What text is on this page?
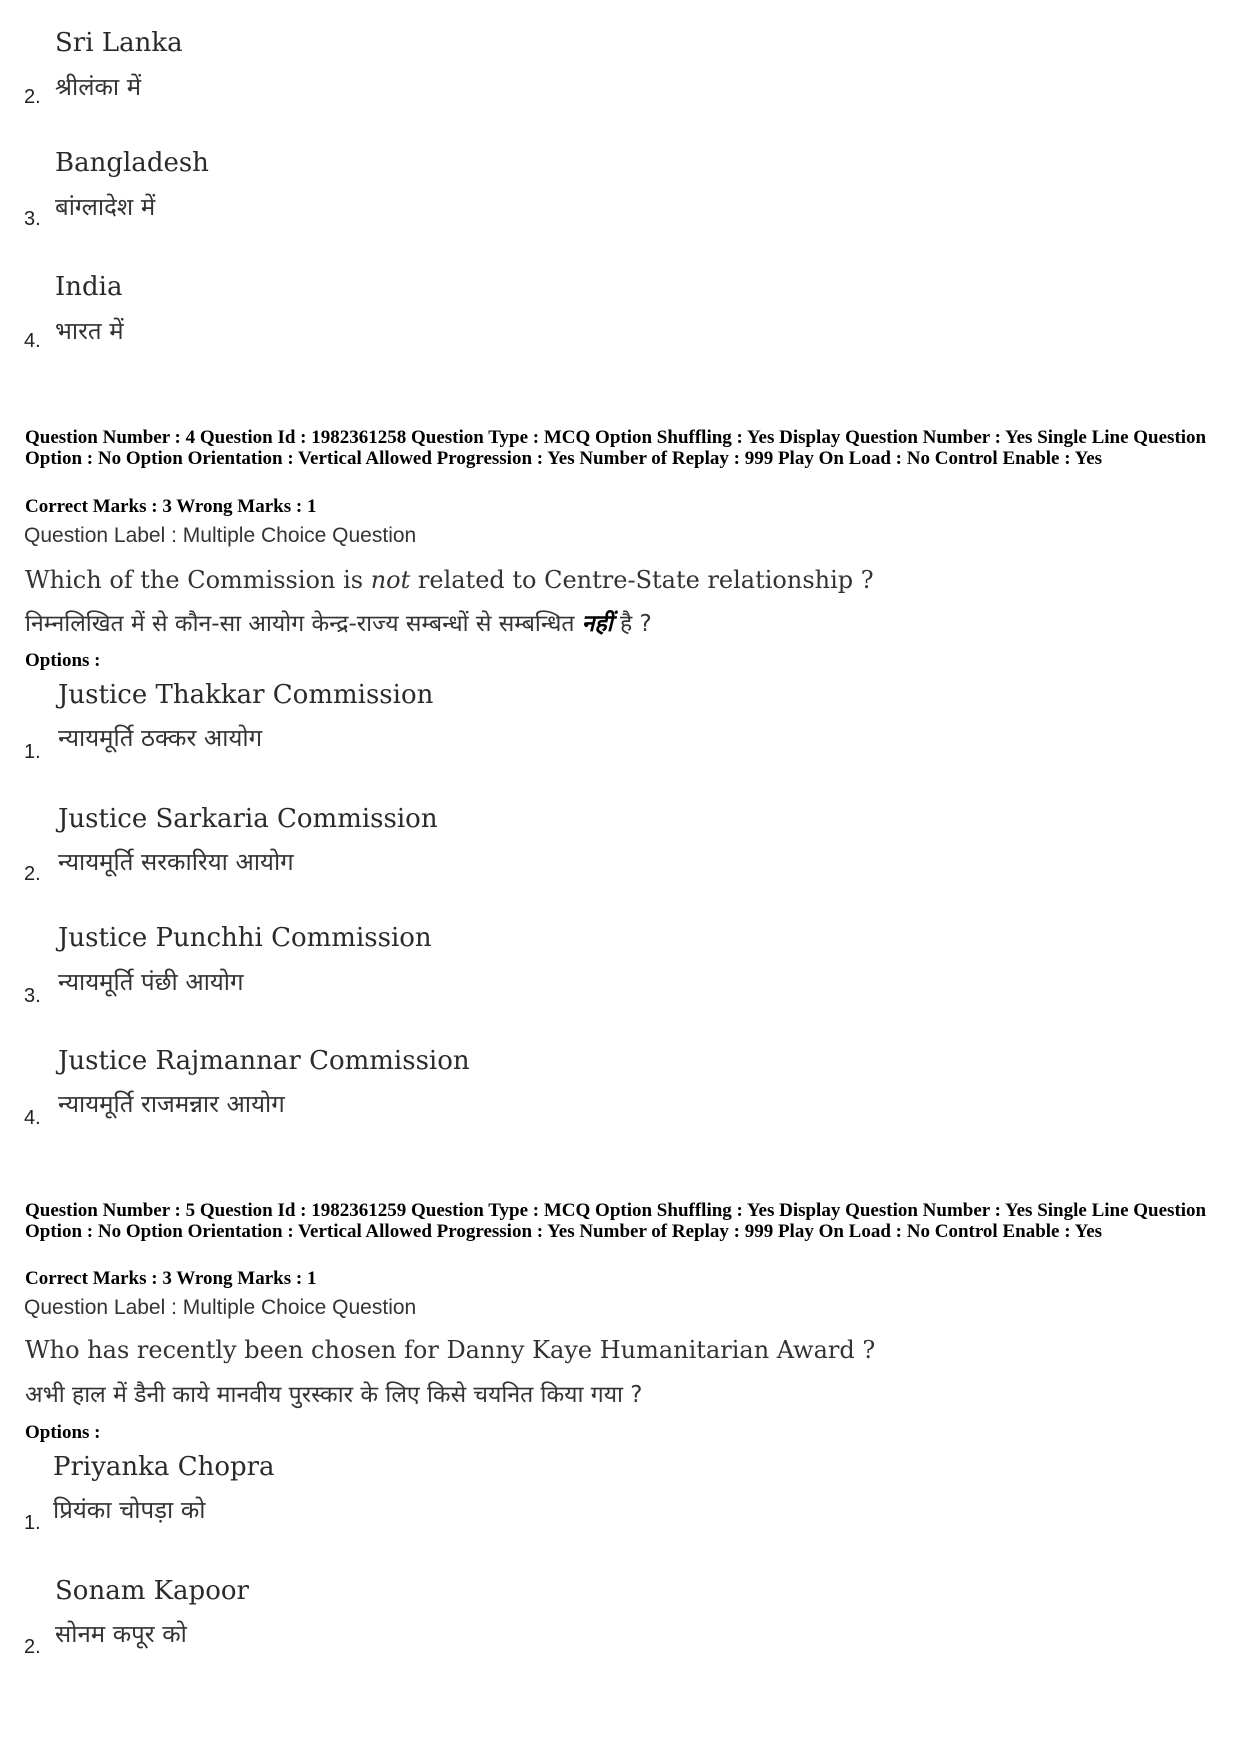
Sri Lanka
2. श्रीलंका में
Bangladesh
3. बांग्लादेश में
India
4. भारत में
Question Number : 4 Question Id : 1982361258 Question Type : MCQ Option Shuffling : Yes Display Question Number : Yes Single Line Question Option : No Option Orientation : Vertical Allowed Progression : Yes Number of Replay : 999 Play On Load : No Control Enable : Yes
Correct Marks : 3 Wrong Marks : 1
Question Label : Multiple Choice Question
Which of the Commission is not related to Centre-State relationship ?
निम्नलिखित में से कौन-सा आयोग केन्द्र-राज्य सम्बन्धों से सम्बन्धित नहीं है ?
Options :
Justice Thakkar Commission
न्यायमूर्ति ठक्कर आयोग
1.
Justice Sarkaria Commission
न्यायमूर्ति सरकारिया आयोग
2.
Justice Punchhi Commission
न्यायमूर्ति पंछी आयोग
3.
Justice Rajmannar Commission
न्यायमूर्ति राजमन्नार आयोग
4.
Question Number : 5 Question Id : 1982361259 Question Type : MCQ Option Shuffling : Yes Display Question Number : Yes Single Line Question Option : No Option Orientation : Vertical Allowed Progression : Yes Number of Replay : 999 Play On Load : No Control Enable : Yes
Correct Marks : 3 Wrong Marks : 1
Question Label : Multiple Choice Question
Who has recently been chosen for Danny Kaye Humanitarian Award ?
अभी हाल में डैनी काये मानवीय पुरस्कार के लिए किसे चयनित किया गया ?
Options :
Priyanka Chopra
प्रियंका चोपड़ा को
1.
Sonam Kapoor
सोनम कपूर को
2.
